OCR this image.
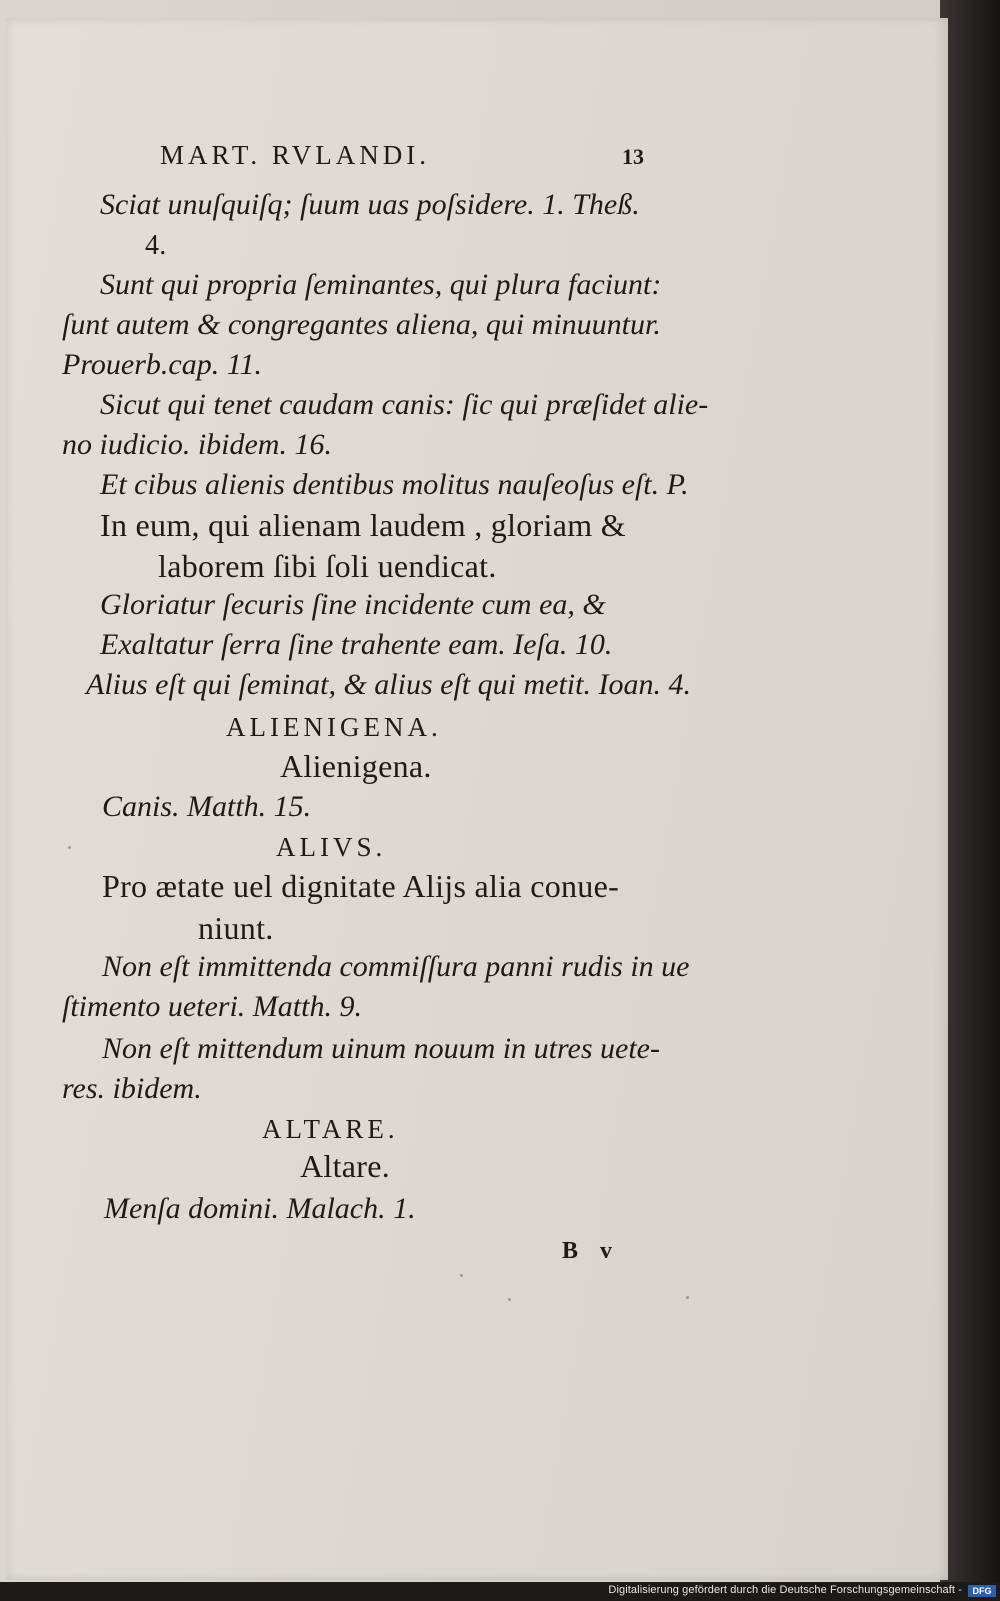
MART. RVLANDI.	13
Sciat unuſquiſq; ſuum uas poſsidere. 1. Theß.
4.
Sunt qui propria ſeminantes, qui plura faciunt:
ſunt autem & congregantes aliena, qui minuuntur.
Prouerb.cap. 11.
Sicut qui tenet caudam canis: ſic qui præſidet alie-
no iudicio. ibidem. 16.
Et cibus alienis dentibus molitus nauſeoſus eſt. P.
In eum, qui alienam laudem , gloriam &
laborem ſibi ſoli uendicat.
Gloriatur ſecuris ſine incidente cum ea, &
Exaltatur ſerra ſine trahente eam. Ieſa. 10.
Alius eſt qui ſeminat, & alius eſt qui metit. Ioan. 4.
ALIENIGENA.
Alienigena.
Canis. Matth. 15.
ALIVS.
Pro ætate uel dignitate Alijs alia conue-
niunt.
Non eſt immittenda commiſſura panni rudis in ue
ſtimento ueteri. Matth. 9.
Non eſt mittendum uinum nouum in utres uete-
res. ibidem.
ALTARE.
Altare.
Menſa domini. Malach. 1.
B v
Digitalisierung gefördert durch die Deutsche Forschungsgemeinschaft -	DFG
